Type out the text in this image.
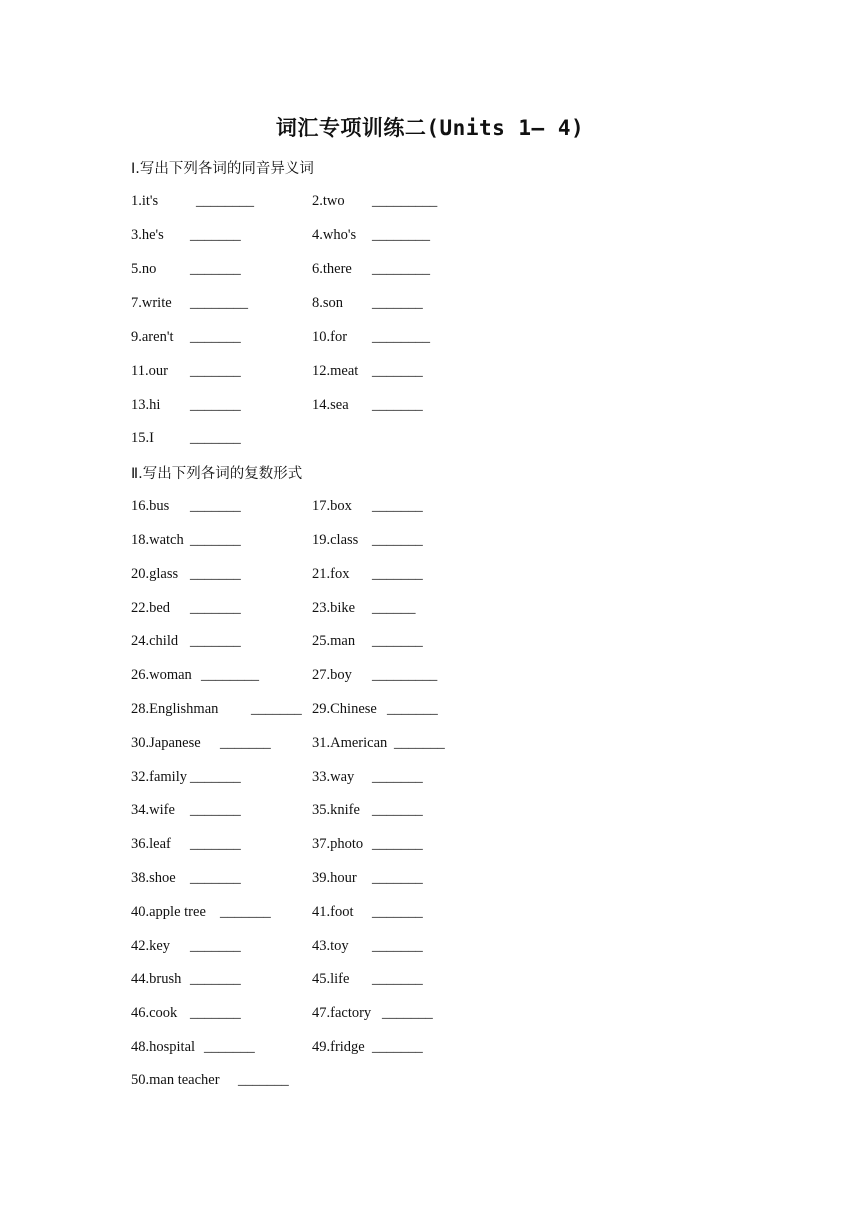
词汇专项训练二(Units 1— 4)
Ⅰ.写出下列各词的同音异义词
1.it's	________	2.two _________
3.he's _______	4.who's ________
5.no _______	6.there ________
7.write ________	8.son _______
9.aren't _______	10.for ________
11.our _______	12.meat _______
13.hi _______	14.sea _______
15.I _______
Ⅱ.写出下列各词的复数形式
16.bus _______	17.box _______
18.watch _______	19.class _______
20.glass _______	21.fox _______
22.bed _______	23.bike ______
24.child _______	25.man _______
26.woman ________	27.boy _________
28.Englishman _______ 29.Chinese _______
30.Japanese _______	31.American _______
32.family _______	33.way _______
34.wife _______	35.knife _______
36.leaf _______	37.photo _______
38.shoe _______	39.hour _______
40.apple tree _______	41.foot _______
42.key _______	43.toy _______
44.brush _______	45.life _______
46.cook _______	47.factory _______
48.hospital _______	49.fridge _______
50.man teacher _______
